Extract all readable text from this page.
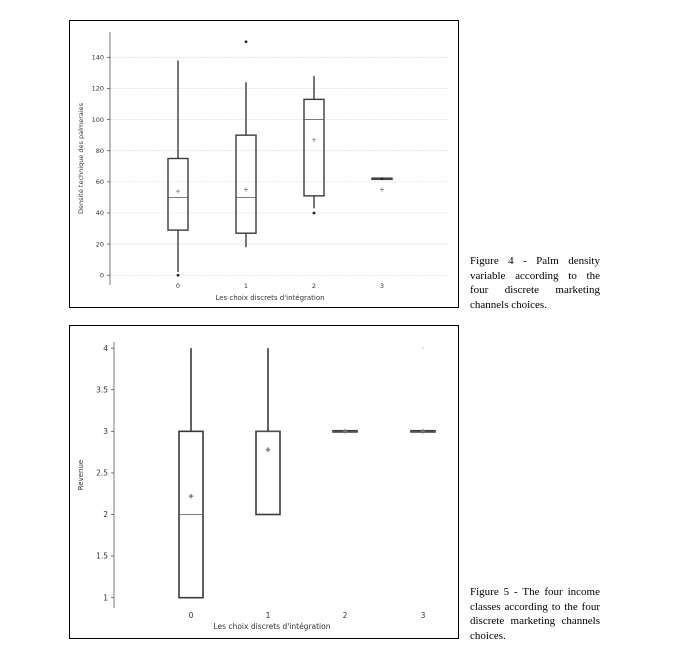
0
20
40
60
80
100
120
140
Densité technique des palmeraies
0	1	2	3
Les choix discrets d'intégration
Figure 4 - Palm density variable according to the four discrete marketing channels choices.
1
1.5
2
2.5
3
3.5
4
Revenue
0	1	2	3
Les choix discrets d'intégration
Figure 5 - The four income classes according to the four discrete marketing channels choices.
